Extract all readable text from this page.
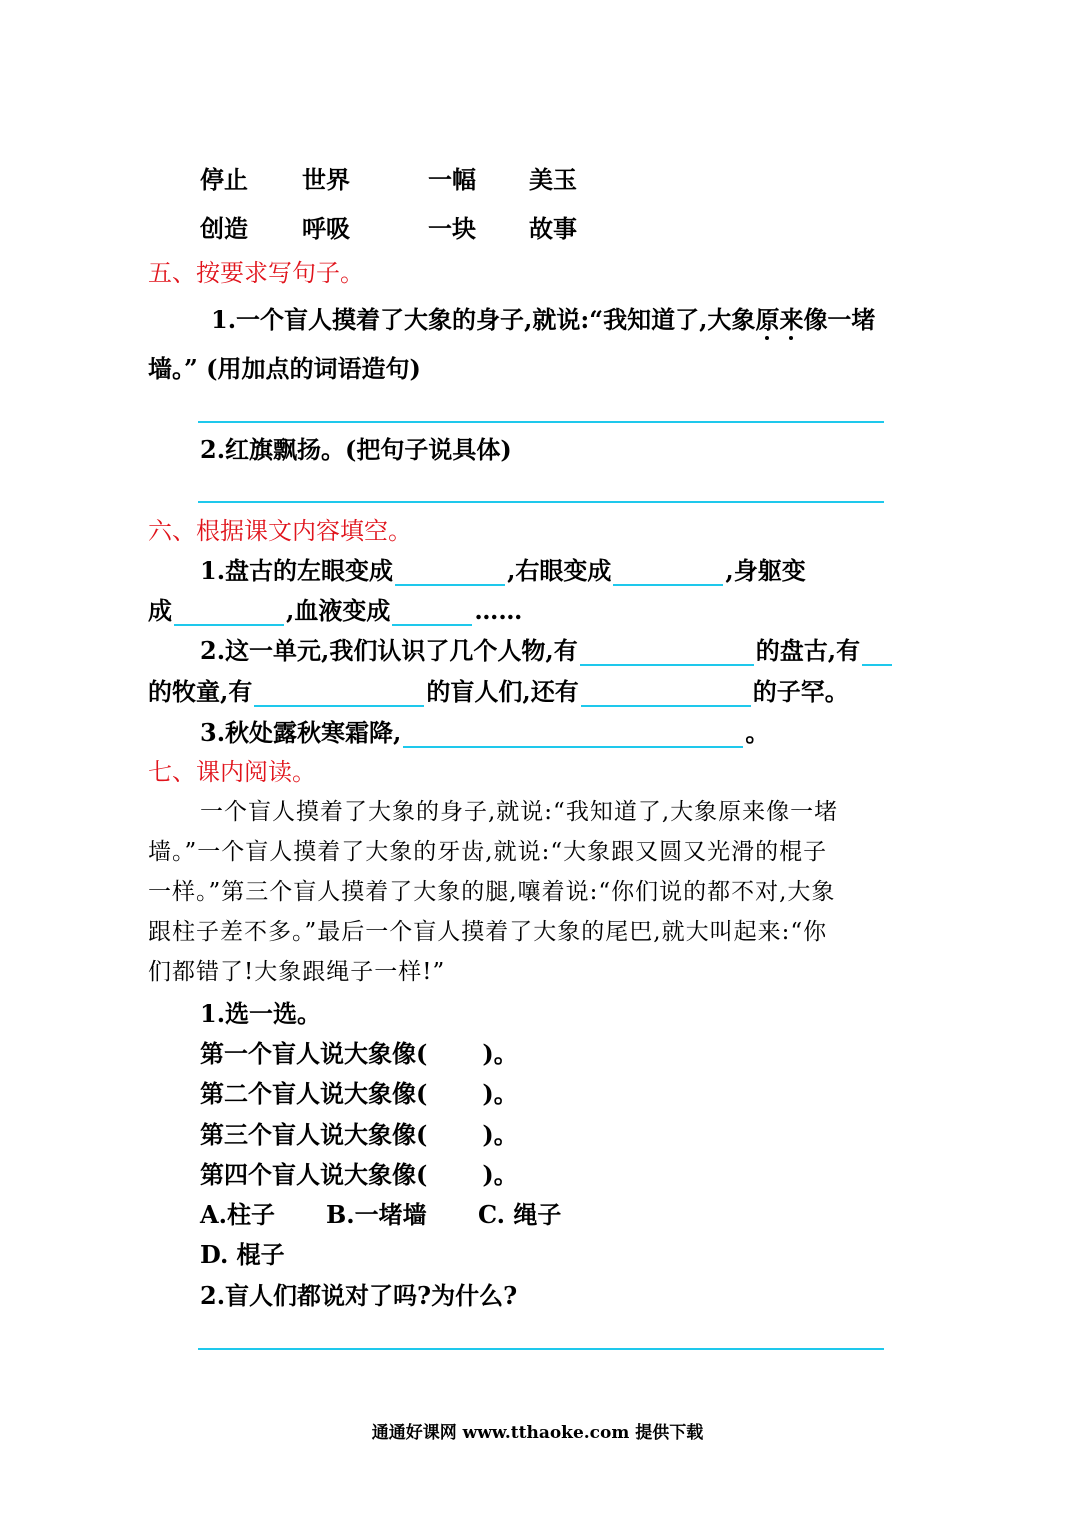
停止 世界	一幅 美玉
创造 呼吸	一块 故事
五、按要求写句子。
1.一个盲人摸着了大象的身子,就说:“我知道了,大象原来像一堵
墙。” (用加点的词语造句)
2.红旗飘扬。(把句子说具体)
六、根据课文内容填空。
1.盘古的左眼变成	,右眼变成	,身躯变
成	,血液变成	……
2.这一单元,我们认识了几个人物,有	的盘古,有
的牧童,有	的盲人们,还有	的子罕。
3.秋处露秋寒霜降,	。
七、课内阅读。
一个盲人摸着了大象的身子,就说:“我知道了,大象原来像一堵
墙。”一个盲人摸着了大象的牙齿,就说:“大象跟又圆又光滑的棍子
一样。”第三个盲人摸着了大象的腿,嚷着说:“你们说的都不对,大象
跟柱子差不多。”最后一个盲人摸着了大象的尾巴,就大叫起来:“你
们都错了!大象跟绳子一样!”
1.选一选。
第一个盲人说大象像( )。
第二个盲人说大象像( )。
第三个盲人说大象像( )。
第四个盲人说大象像( )。
A.柱子 B.一堵墙 C. 绳子
D. 棍子
2.盲人们都说对了吗?为什么?
通通好课网 www.tthaoke.com 提供下载
